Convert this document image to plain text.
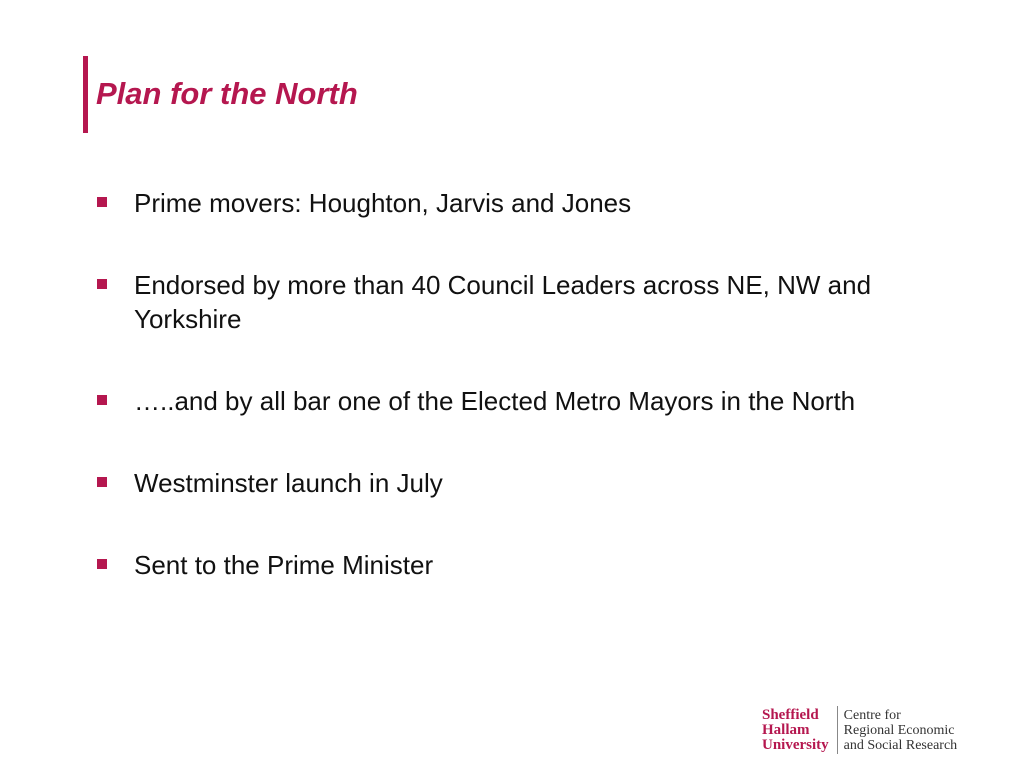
Plan for the North
Prime movers: Houghton, Jarvis and Jones
Endorsed by more than 40 Council Leaders across NE, NW and Yorkshire
…..and by all bar one of the Elected Metro Mayors in the North
Westminster launch in July
Sent to the Prime Minister
Sheffield
Hallam
University
Centre for
Regional Economic
and Social Research
